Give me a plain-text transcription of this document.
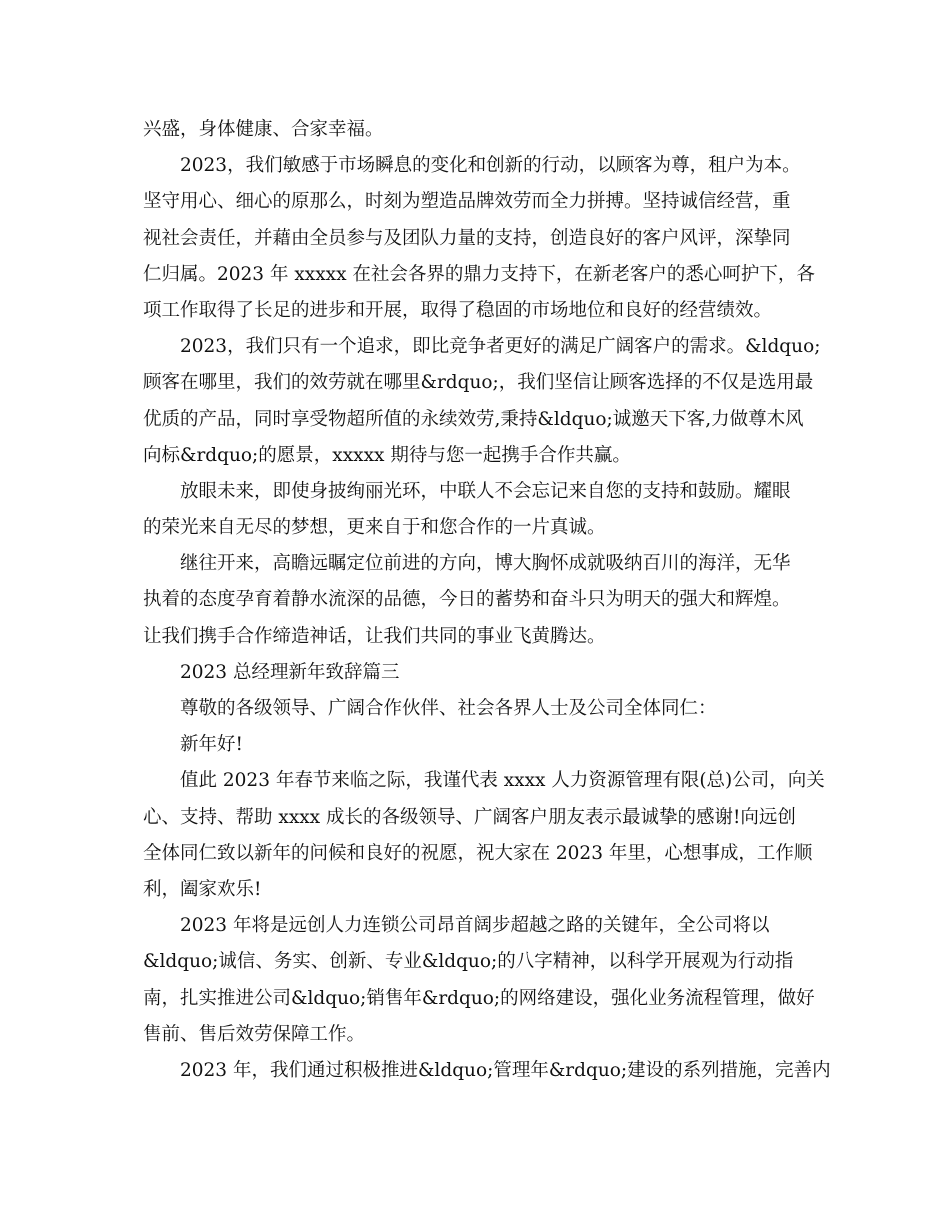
兴盛，身体健康、合家幸福。
2023，我们敏感于市场瞬息的变化和创新的行动，以顾客为尊，租户为本。
坚守用心、细心的原那么，时刻为塑造品牌效劳而全力拼搏。坚持诚信经营，重
视社会责任，并藉由全员参与及团队力量的支持，创造良好的客户风评，深挚同
仁归属。2023 年 xxxxx 在社会各界的鼎力支持下，在新老客户的悉心呵护下，各
项工作取得了长足的进步和开展，取得了稳固的市场地位和良好的经营绩效。
2023，我们只有一个追求，即比竞争者更好的满足广阔客户的需求。&ldquo;
顾客在哪里，我们的效劳就在哪里&rdquo;，我们坚信让顾客选择的不仅是选用最
优质的产品，同时享受物超所值的永续效劳,秉持&ldquo;诚邀天下客,力做尊木风
向标&rdquo;的愿景，xxxxx 期待与您一起携手合作共赢。
放眼未来，即使身披绚丽光环，中联人不会忘记来自您的支持和鼓励。耀眼
的荣光来自无尽的梦想，更来自于和您合作的一片真诚。
继往开来，高瞻远瞩定位前进的方向，博大胸怀成就吸纳百川的海洋，无华
执着的态度孕育着静水流深的品德，今日的蓄势和奋斗只为明天的强大和辉煌。
让我们携手合作缔造神话，让我们共同的事业飞黄腾达。
2023 总经理新年致辞篇三
尊敬的各级领导、广阔合作伙伴、社会各界人士及公司全体同仁：
新年好!
值此 2023 年春节来临之际，我谨代表 xxxx 人力资源管理有限(总)公司，向关
心、支持、帮助 xxxx 成长的各级领导、广阔客户朋友表示最诚挚的感谢!向远创
全体同仁致以新年的问候和良好的祝愿，祝大家在 2023 年里，心想事成，工作顺
利，阖家欢乐!
2023 年将是远创人力连锁公司昂首阔步超越之路的关键年，全公司将以
&ldquo;诚信、务实、创新、专业&ldquo;的八字精神，以科学开展观为行动指
南，扎实推进公司&ldquo;销售年&rdquo;的网络建设，强化业务流程管理，做好
售前、售后效劳保障工作。
2023 年，我们通过积极推进&ldquo;管理年&rdquo;建设的系列措施，完善内
